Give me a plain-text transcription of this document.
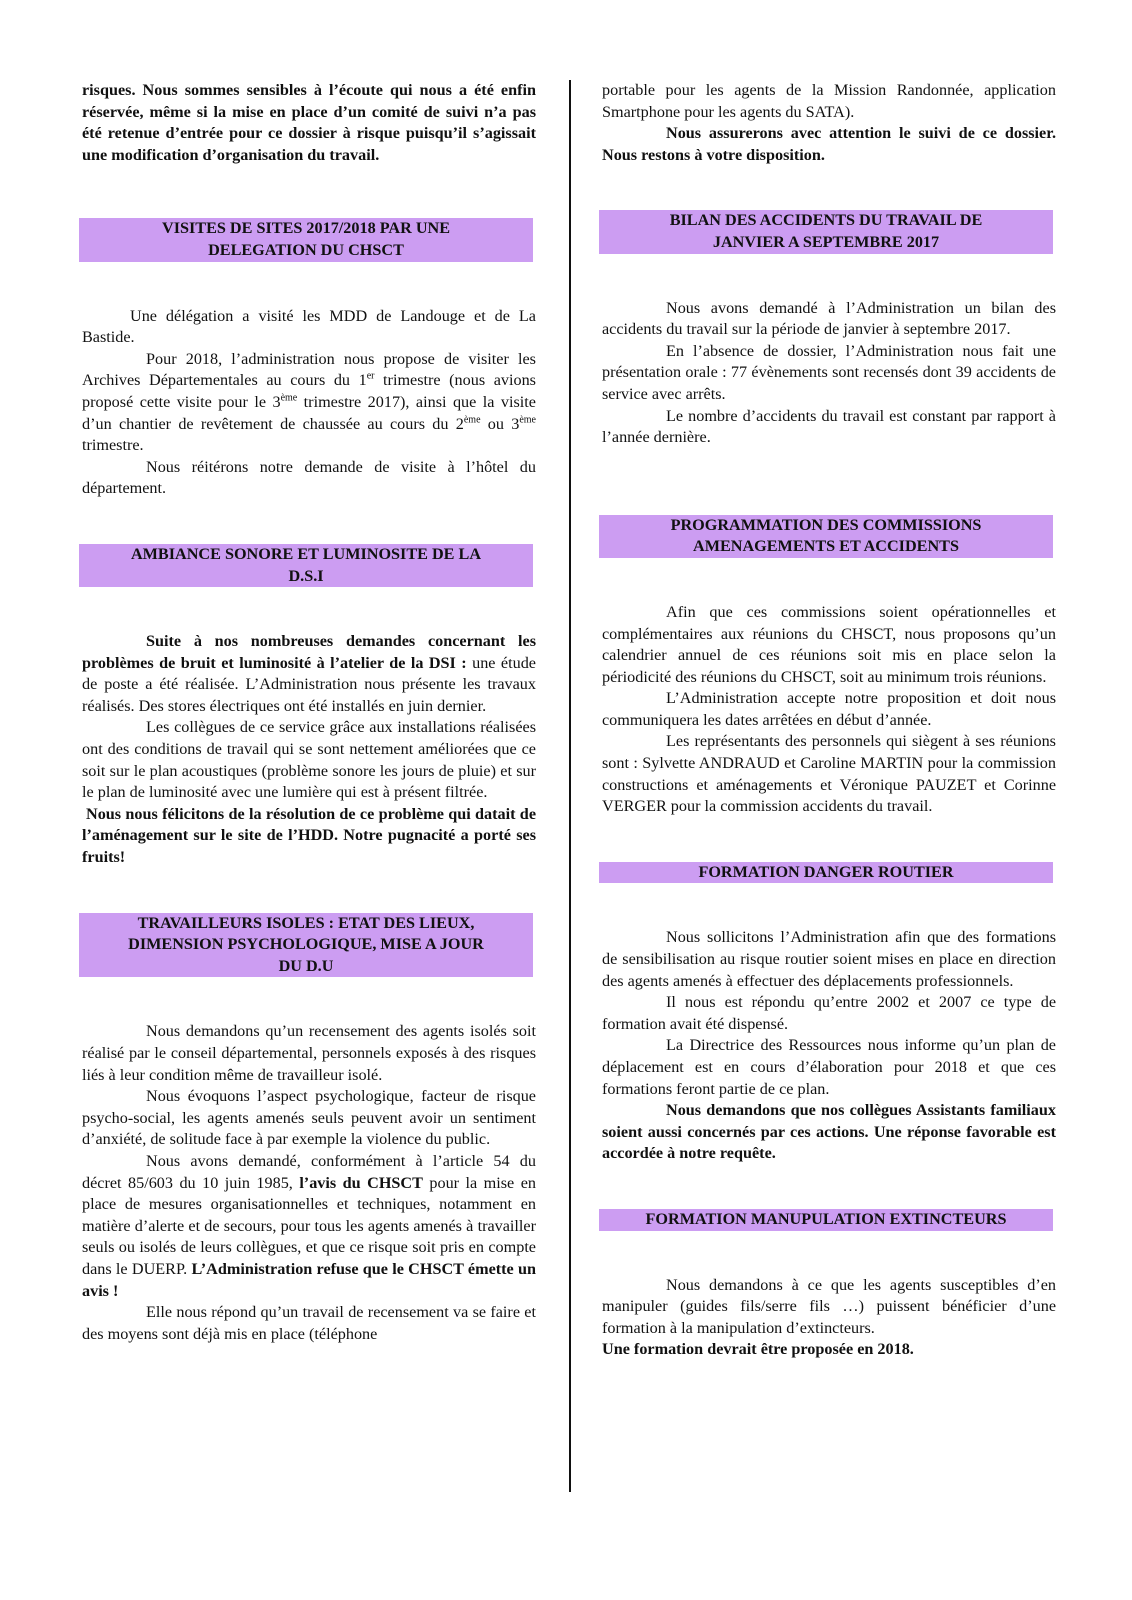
risques. Nous sommes sensibles à l’écoute qui nous a été enfin réservée, même si la mise en place d’un comité de suivi n’a pas été retenue d’entrée pour ce dossier à risque puisqu’il s’agissait une modification d’organisation du travail.

VISITES DE SITES 2017/2018 PAR UNE
DELEGATION DU CHSCT

Une délégation a visité les MDD de Landouge et de La Bastide.

Pour 2018, l’administration nous propose de visiter les Archives Départementales au cours du 1er trimestre (nous avions proposé cette visite pour le 3ème trimestre 2017), ainsi que la visite d’un chantier de revêtement de chaussée au cours du 2ème ou 3ème trimestre.

Nous réitérons notre demande de visite à l’hôtel du département.

AMBIANCE SONORE ET LUMINOSITE DE LA
D.S.I

Suite à nos nombreuses demandes concernant les problèmes de bruit et luminosité à l’atelier de la DSI : une étude de poste a été réalisée. L’Administration nous présente les travaux réalisés. Des stores électriques ont été installés en juin dernier.

Les collègues de ce service grâce aux installations réalisées ont des conditions de travail qui se sont nettement améliorées que ce soit sur le plan acoustiques (problème sonore les jours de pluie) et sur le plan de luminosité avec une lumière qui est à présent filtrée.

Nous nous félicitons de la résolution de ce problème qui datait de l’aménagement sur le site de l’HDD. Notre pugnacité a porté ses fruits!

TRAVAILLEURS ISOLES : ETAT DES LIEUX,
DIMENSION PSYCHOLOGIQUE, MISE A JOUR
DU D.U

Nous demandons qu’un recensement des agents isolés soit réalisé par le conseil départemental, personnels exposés à des risques liés à leur condition même de travailleur isolé.

Nous évoquons l’aspect psychologique, facteur de risque psycho-social, les agents amenés seuls peuvent avoir un sentiment d’anxiété, de solitude face à par exemple la violence du public.

Nous avons demandé, conformément à l’article 54 du décret 85/603 du 10 juin 1985, l’avis du CHSCT pour la mise en place de mesures organisationnelles et techniques, notamment en matière d’alerte et de secours, pour tous les agents amenés à travailler seuls ou isolés de leurs collègues, et que ce risque soit pris en compte dans le DUERP. L’Administration refuse que le CHSCT émette un avis !

Elle nous répond qu’un travail de recensement va se faire et des moyens sont déjà mis en place (téléphone

portable pour les agents de la Mission Randonnée, application Smartphone pour les agents du SATA).

Nous assurerons avec attention le suivi de ce dossier. Nous restons à votre disposition.

BILAN DES ACCIDENTS DU TRAVAIL DE
JANVIER A SEPTEMBRE 2017

Nous avons demandé à l’Administration un bilan des accidents du travail sur la période de janvier à septembre 2017.

En l’absence de dossier, l’Administration nous fait une présentation orale : 77 évènements sont recensés dont 39 accidents de service avec arrêts.

Le nombre d’accidents du travail est constant par rapport à l’année dernière.

PROGRAMMATION DES COMMISSIONS
AMENAGEMENTS ET ACCIDENTS

Afin que ces commissions soient opérationnelles et complémentaires aux réunions du CHSCT, nous proposons qu’un calendrier annuel de ces réunions soit mis en place selon la périodicité des réunions du CHSCT, soit au minimum trois réunions.

L’Administration accepte notre proposition et doit nous communiquera les dates arrêtées en début d’année.

Les représentants des personnels qui siègent à ses réunions sont : Sylvette ANDRAUD et Caroline MARTIN pour la commission constructions et aménagements et Véronique PAUZET et Corinne VERGER pour la commission accidents du travail.

FORMATION DANGER ROUTIER

Nous sollicitons l’Administration afin que des formations de sensibilisation au risque routier soient mises en place en direction des agents amenés à effectuer des déplacements professionnels.

Il nous est répondu qu’entre 2002 et 2007 ce type de formation avait été dispensé.

La Directrice des Ressources nous informe qu’un plan de déplacement est en cours d’élaboration pour 2018 et que ces formations feront partie de ce plan.

Nous demandons que nos collègues Assistants familiaux soient aussi concernés par ces actions. Une réponse favorable est accordée à notre requête.

FORMATION MANUPULATION EXTINCTEURS

Nous demandons à ce que les agents susceptibles d’en manipuler (guides fils/serre fils …) puissent bénéficier d’une formation à la manipulation d’extincteurs.

Une formation devrait être proposée en 2018.
